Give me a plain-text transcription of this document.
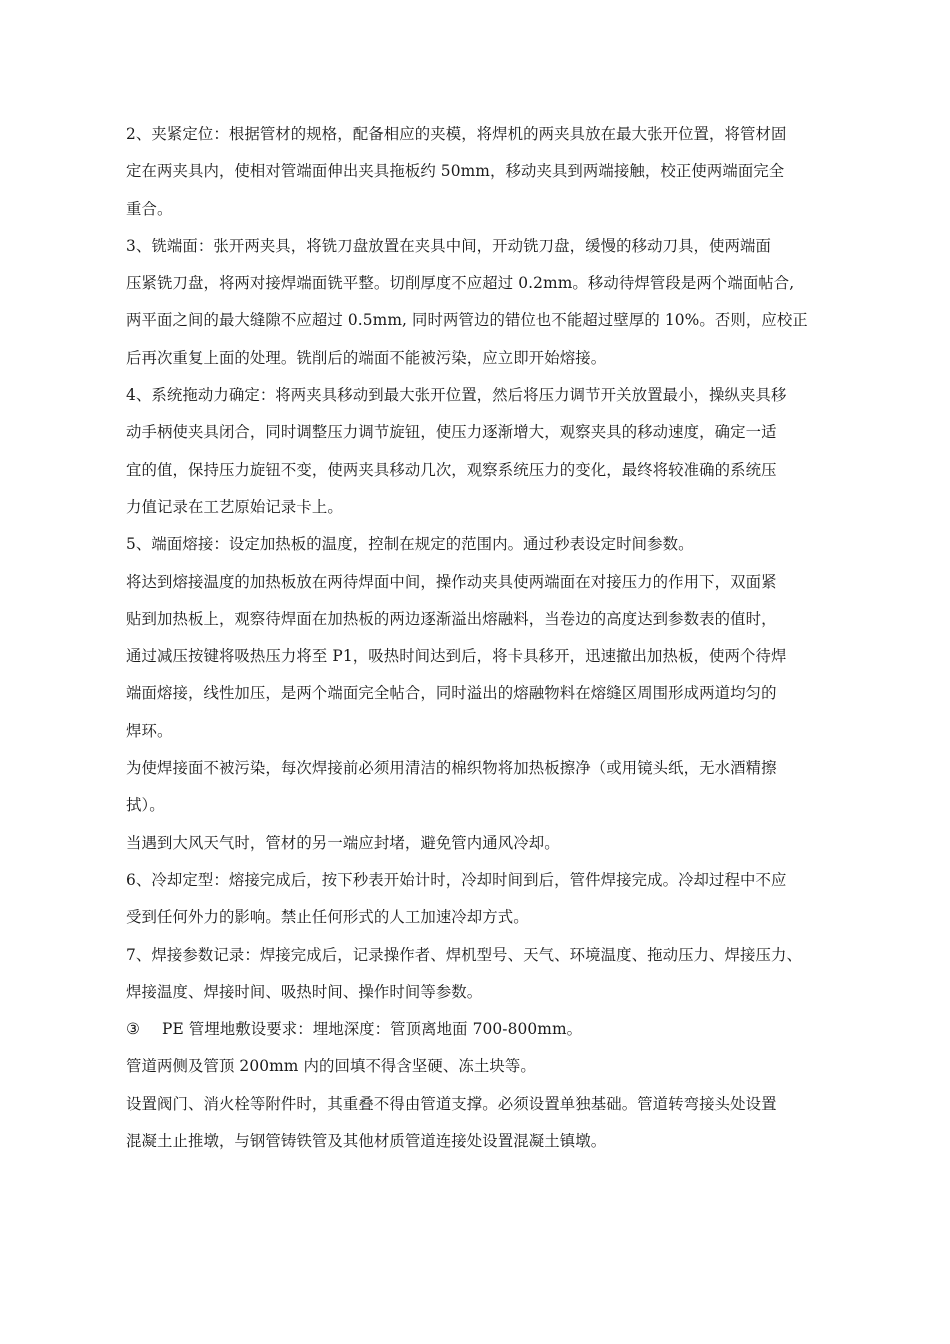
2、夹紧定位：根据管材的规格，配备相应的夹模，将焊机的两夹具放在最大张开位置，将管材固
定在两夹具内，使相对管端面伸出夹具拖板约 50mm，移动夹具到两端接触，校正使两端面完全
重合。
3、铣端面：张开两夹具，将铣刀盘放置在夹具中间，开动铣刀盘，缓慢的移动刀具，使两端面
压紧铣刀盘，将两对接焊端面铣平整。切削厚度不应超过 0.2mm。移动待焊管段是两个端面帖合,
两平面之间的最大缝隙不应超过 0.5mm, 同时两管边的错位也不能超过壁厚的 10%。否则，应校正
后再次重复上面的处理。铣削后的端面不能被污染，应立即开始熔接。
4、系统拖动力确定：将两夹具移动到最大张开位置，然后将压力调节开关放置最小，操纵夹具移
动手柄使夹具闭合，同时调整压力调节旋钮，使压力逐渐增大，观察夹具的移动速度，确定一适
宜的值，保持压力旋钮不变，使两夹具移动几次，观察系统压力的变化，最终将较准确的系统压
力值记录在工艺原始记录卡上。
5、端面熔接：设定加热板的温度，控制在规定的范围内。通过秒表设定时间参数。
将达到熔接温度的加热板放在两待焊面中间，操作动夹具使两端面在对接压力的作用下，双面紧
贴到加热板上，观察待焊面在加热板的两边逐渐溢出熔融料，当卷边的高度达到参数表的值时，
通过减压按键将吸热压力将至 P1，吸热时间达到后，将卡具移开，迅速撤出加热板，使两个待焊
端面熔接，线性加压，是两个端面完全帖合，同时溢出的熔融物料在熔缝区周围形成两道均匀的
焊环。
为使焊接面不被污染，每次焊接前必须用清洁的棉织物将加热板擦净（或用镜头纸，无水酒精擦
拭）。
当遇到大风天气时，管材的另一端应封堵，避免管内通风冷却。
6、冷却定型：熔接完成后，按下秒表开始计时，冷却时间到后，管件焊接完成。冷却过程中不应
受到任何外力的影响。禁止任何形式的人工加速冷却方式。
7、焊接参数记录：焊接完成后，记录操作者、焊机型号、天气、环境温度、拖动压力、焊接压力、
焊接温度、焊接时间、吸热时间、操作时间等参数。
③ PE 管埋地敷设要求：埋地深度：管顶离地面 700-800mm。
管道两侧及管顶 200mm 内的回填不得含坚硬、冻土块等。
设置阀门、消火栓等附件时，其重叠不得由管道支撑。必须设置单独基础。管道转弯接头处设置
混凝土止推墩，与钢管铸铁管及其他材质管道连接处设置混凝土镇墩。
